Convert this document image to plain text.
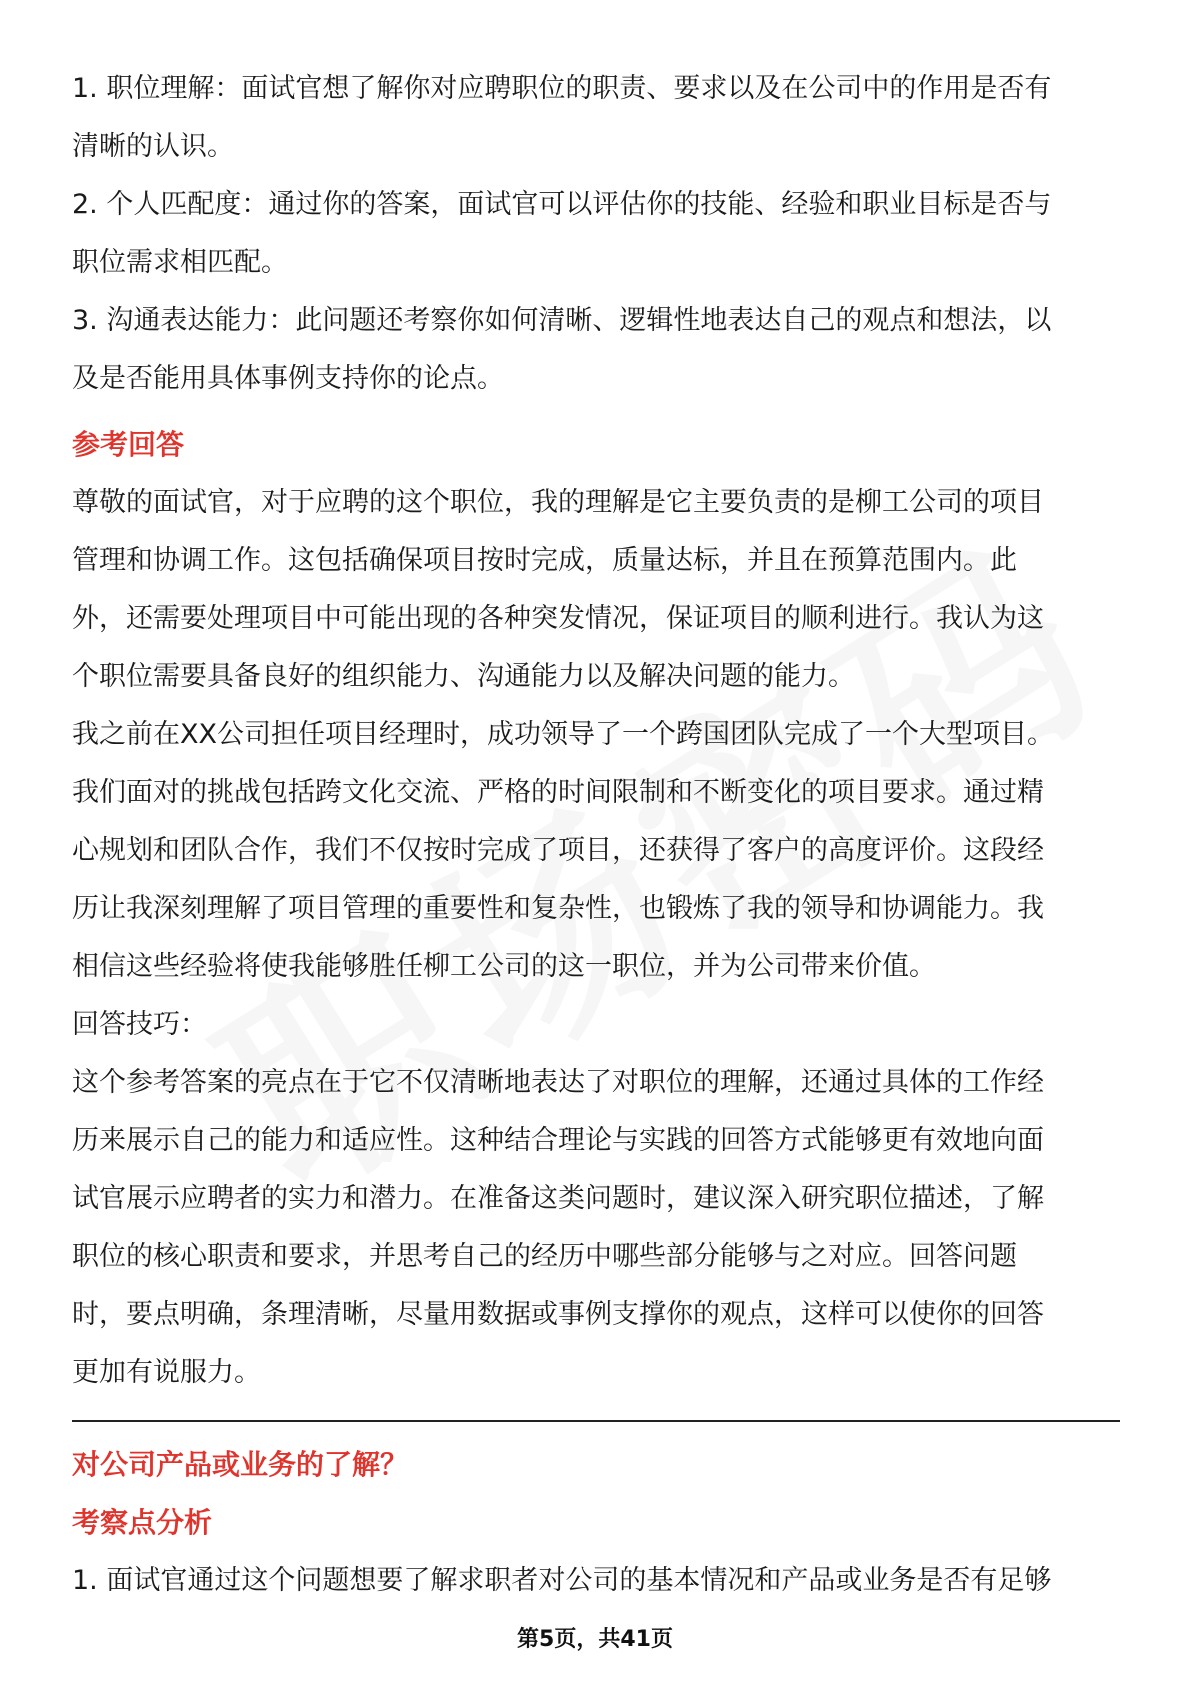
1. 职位理解：面试官想了解你对应聘职位的职责、要求以及在公司中的作用是否有

清晰的认识。

2. 个人匹配度：通过你的答案，面试官可以评估你的技能、经验和职业目标是否与

职位需求相匹配。

3. 沟通表达能力：此问题还考察你如何清晰、逻辑性地表达自己的观点和想法，以

及是否能用具体事例支持你的论点。

参考回答

尊敬的面试官，对于应聘的这个职位，我的理解是它主要负责的是柳工公司的项目

管理和协调工作。这包括确保项目按时完成，质量达标，并且在预算范围内。此

外，还需要处理项目中可能出现的各种突发情况，保证项目的顺利进行。我认为这

个职位需要具备良好的组织能力、沟通能力以及解决问题的能力。

我之前在XX公司担任项目经理时，成功领导了一个跨国团队完成了一个大型项目。

我们面对的挑战包括跨文化交流、严格的时间限制和不断变化的项目要求。通过精

心规划和团队合作，我们不仅按时完成了项目，还获得了客户的高度评价。这段经

历让我深刻理解了项目管理的重要性和复杂性，也锻炼了我的领导和协调能力。我

相信这些经验将使我能够胜任柳工公司的这一职位，并为公司带来价值。

回答技巧：

这个参考答案的亮点在于它不仅清晰地表达了对职位的理解，还通过具体的工作经

历来展示自己的能力和适应性。这种结合理论与实践的回答方式能够更有效地向面

试官展示应聘者的实力和潜力。在准备这类问题时，建议深入研究职位描述，了解

职位的核心职责和要求，并思考自己的经历中哪些部分能够与之对应。回答问题

时，要点明确，条理清晰，尽量用数据或事例支撑你的观点，这样可以使你的回答

更加有说服力。

对公司产品或业务的了解？

考察点分析

1. 面试官通过这个问题想要了解求职者对公司的基本情况和产品或业务是否有足够

第5页，共41页
